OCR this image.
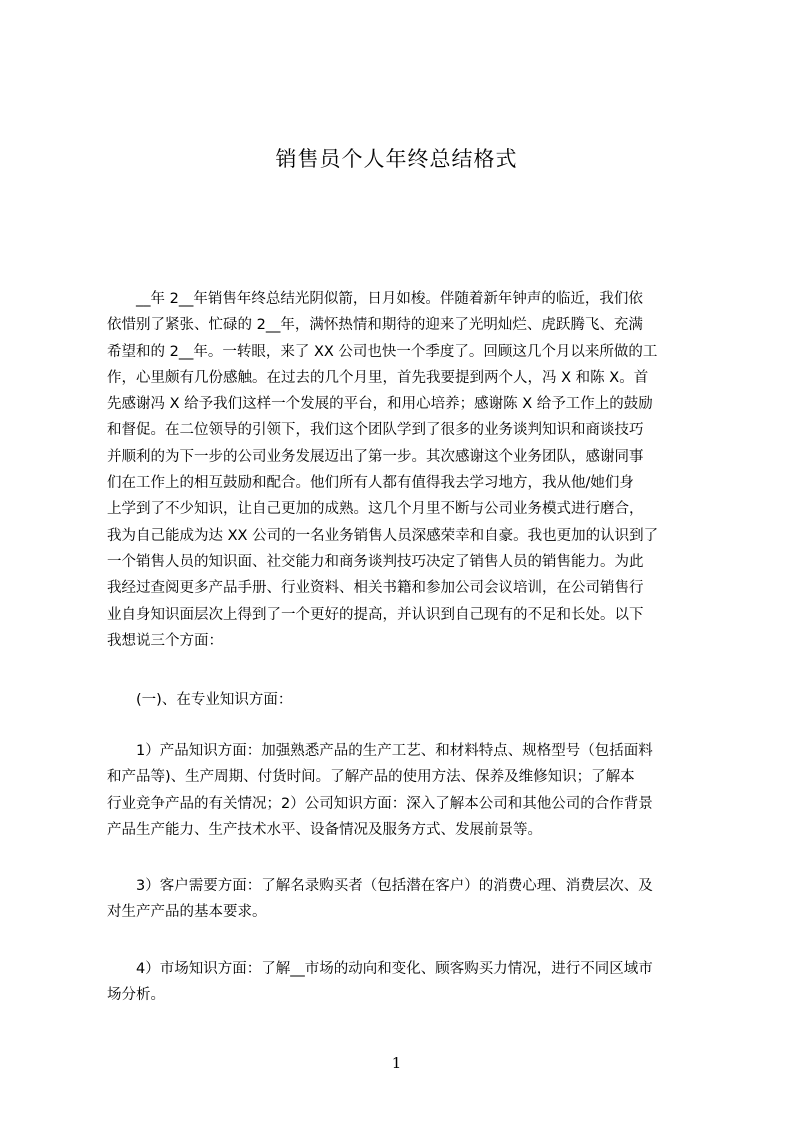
销售员个人年终总结格式
__年 2__年销售年终总结光阴似箭，日月如梭。伴随着新年钟声的临近，我们依
依惜别了紧张、忙碌的 2__年，满怀热情和期待的迎来了光明灿烂、虎跃腾飞、充满
希望和的 2__年。一转眼，来了 XX 公司也快一个季度了。回顾这几个月以来所做的工
作，心里颇有几份感触。在过去的几个月里，首先我要提到两个人，冯 X 和陈 X。首
先感谢冯 X 给予我们这样一个发展的平台，和用心培养；感谢陈 X 给予工作上的鼓励
和督促。在二位领导的引领下，我们这个团队学到了很多的业务谈判知识和商谈技巧
并顺利的为下一步的公司业务发展迈出了第一步。其次感谢这个业务团队，感谢同事
们在工作上的相互鼓励和配合。他们所有人都有值得我去学习地方，我从他/她们身
上学到了不少知识，让自己更加的成熟。这几个月里不断与公司业务模式进行磨合，
我为自己能成为达 XX 公司的一名业务销售人员深感荣幸和自豪。我也更加的认识到了
一个销售人员的知识面、社交能力和商务谈判技巧决定了销售人员的销售能力。为此
我经过查阅更多产品手册、行业资料、相关书籍和参加公司会议培训，在公司销售行
业自身知识面层次上得到了一个更好的提高，并认识到自己现有的不足和长处。以下
我想说三个方面：
(一)、在专业知识方面：
1）产品知识方面：加强熟悉产品的生产工艺、和材料特点、规格型号（包括面料
和产品等)、生产周期、付货时间。了解产品的使用方法、保养及维修知识；了解本
行业竞争产品的有关情况；2）公司知识方面：深入了解本公司和其他公司的合作背景
产品生产能力、生产技术水平、设备情况及服务方式、发展前景等。
3）客户需要方面：了解名录购买者（包括潜在客户）的消费心理、消费层次、及
对生产产品的基本要求。
4）市场知识方面：了解__市场的动向和变化、顾客购买力情况，进行不同区域市
场分析。
1
